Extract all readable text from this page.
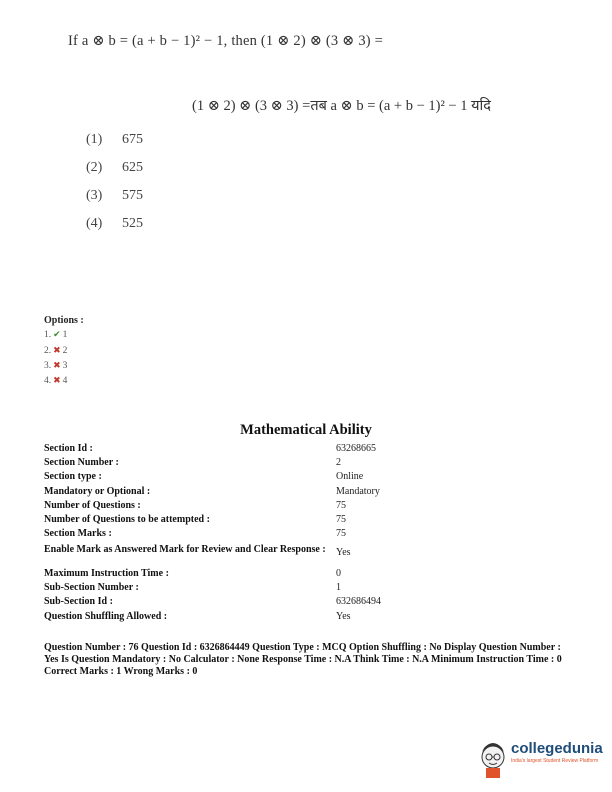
If a ⊗ b = (a + b − 1)² − 1, then (1 ⊗ 2) ⊗ (3 ⊗ 3) =
(1 ⊗ 2) ⊗ (3 ⊗ 3) =तब a ⊗ b = (a + b − 1)² − 1 यदि
(1) 675
(2) 625
(3) 575
(4) 525
Options :
1. ✔ 1
2. ✖ 2
3. ✖ 3
4. ✖ 4
Mathematical Ability
Section Id :	63268665
Section Number :	2
Section type :	Online
Mandatory or Optional :	Mandatory
Number of Questions :	75
Number of Questions to be attempted :	75
Section Marks :	75
Enable Mark as Answered Mark for Review and Clear Response :	Yes
Maximum Instruction Time :	0
Sub-Section Number :	1
Sub-Section Id :	632686494
Question Shuffling Allowed :	Yes
Question Number : 76 Question Id : 6326864449 Question Type : MCQ Option Shuffling : No Display Question Number : Yes Is Question Mandatory : No Calculator : None Response Time : N.A Think Time : N.A Minimum Instruction Time : 0
Correct Marks : 1 Wrong Marks : 0
collegedunia
India's largest Student Review Platform
